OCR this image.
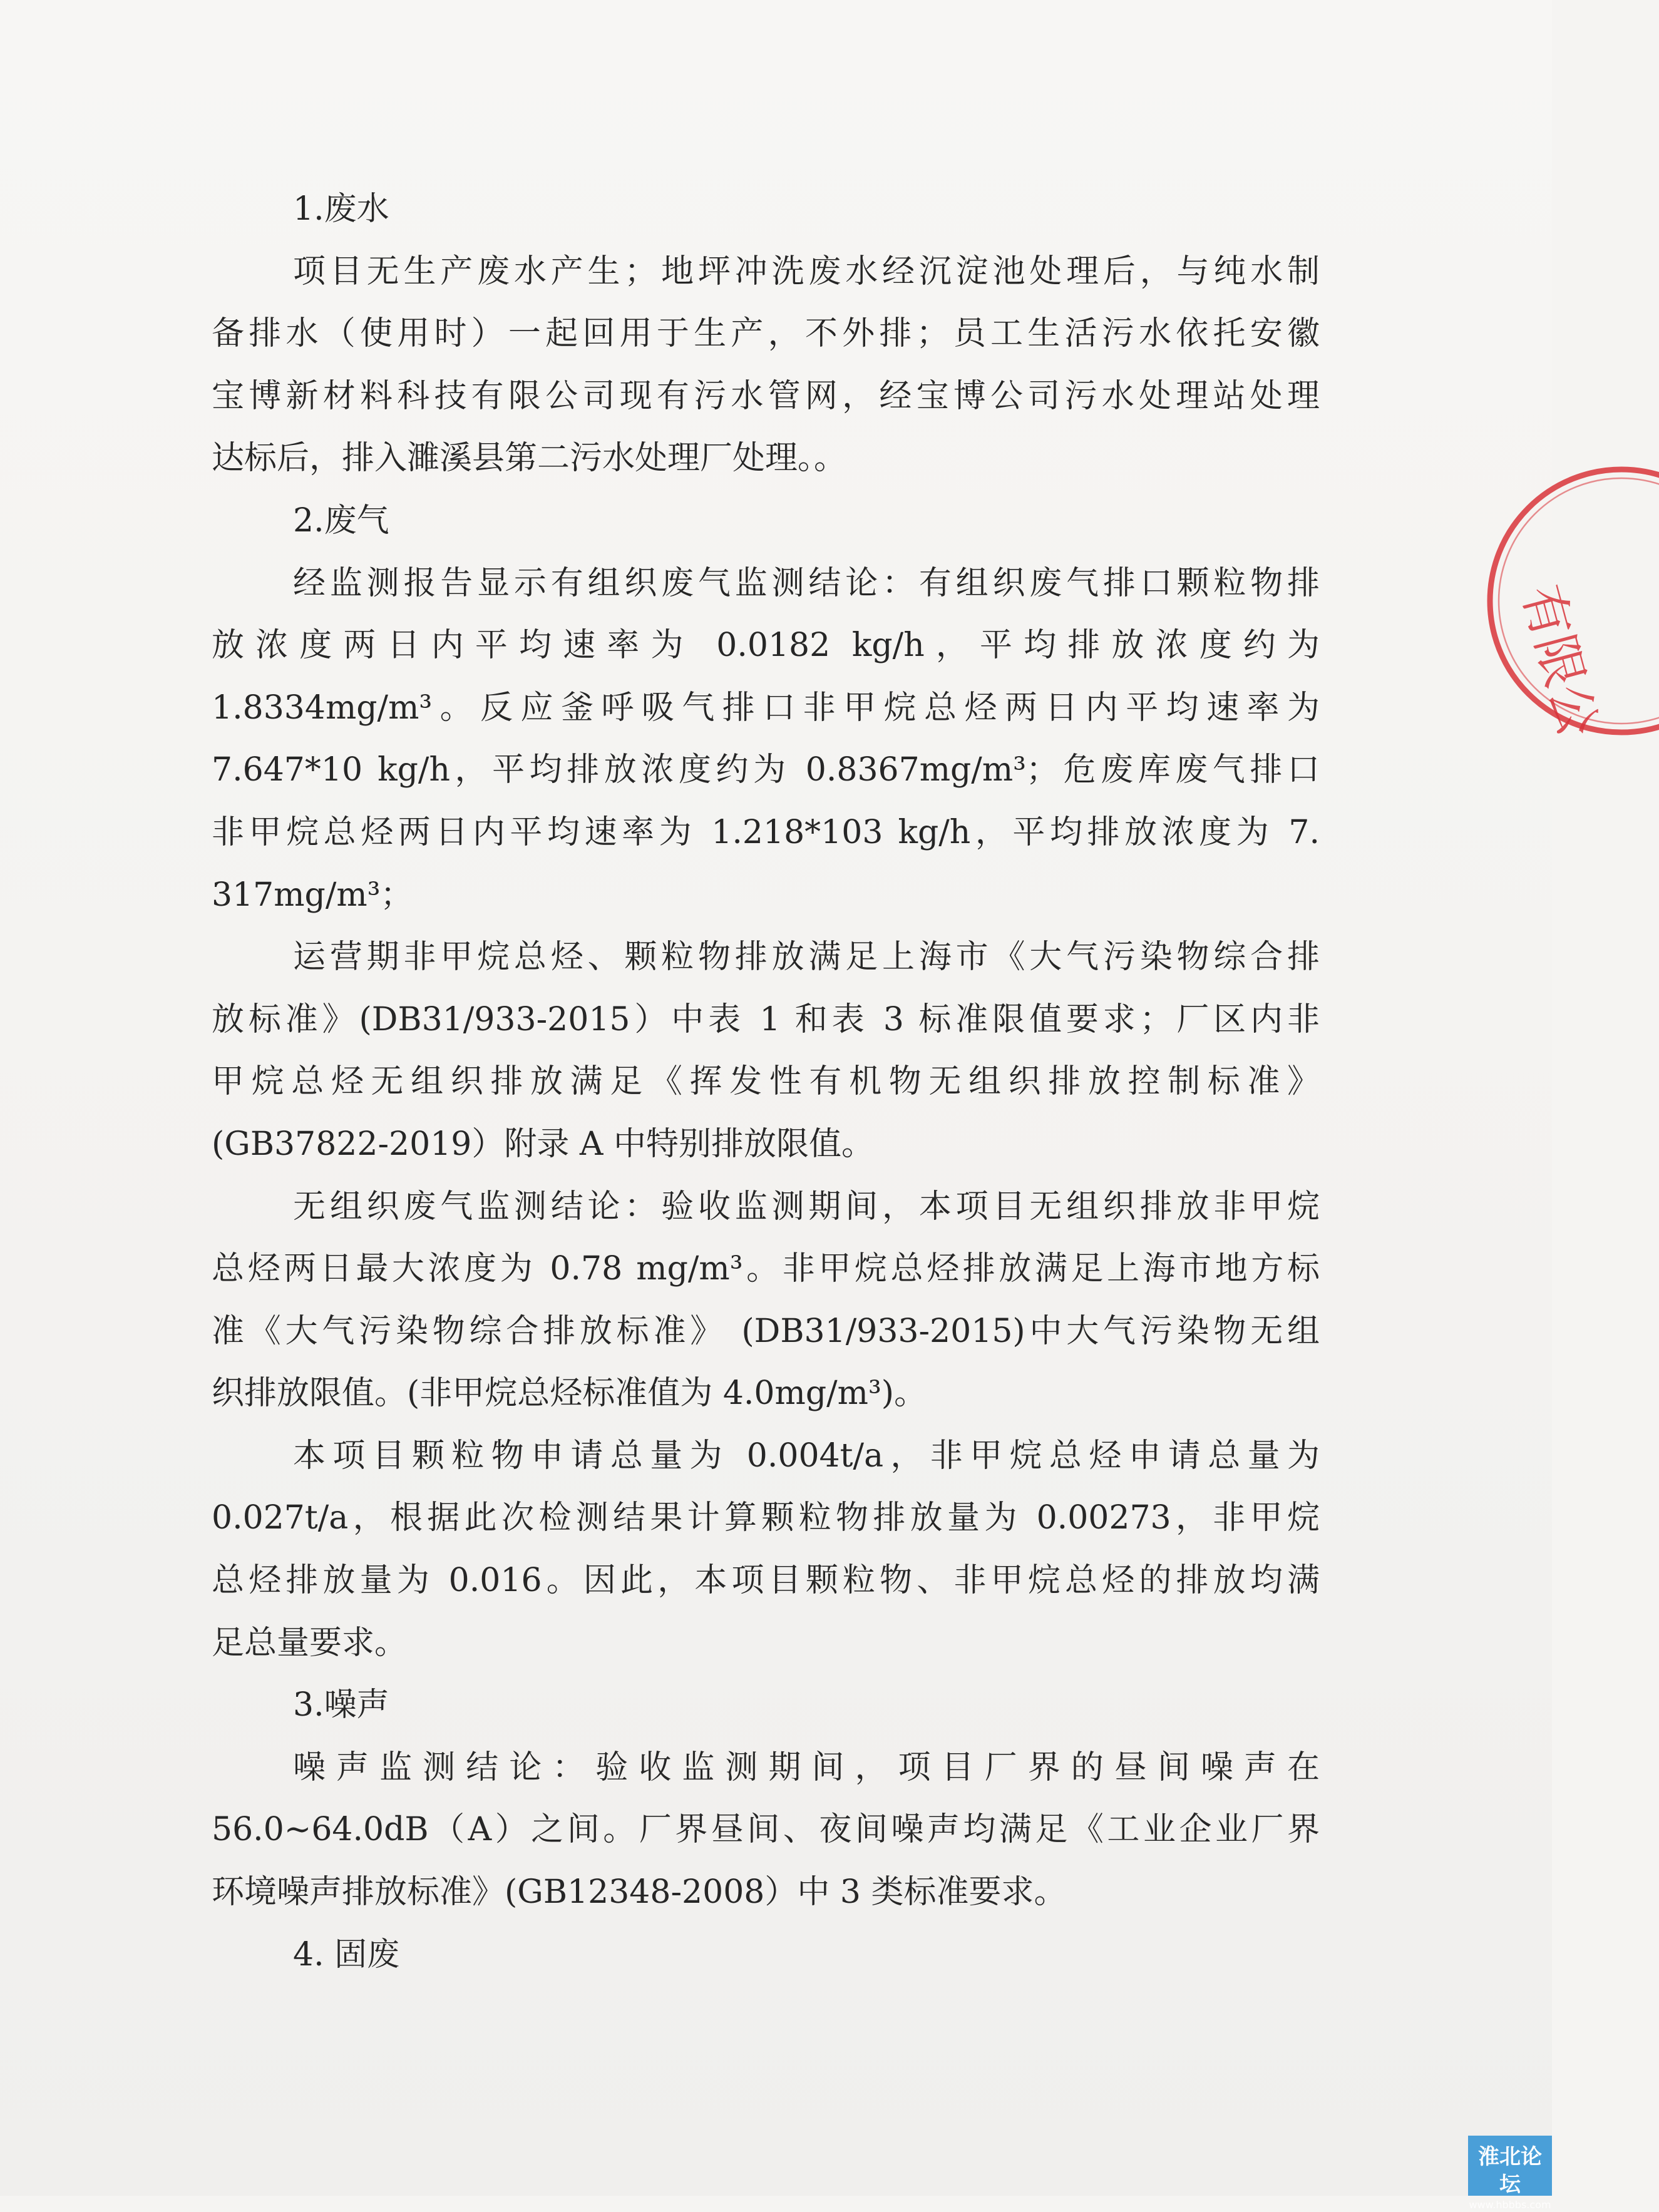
1.废水
项目无生产废水产生；地坪冲洗废水经沉淀池处理后，与纯水制
备排水（使用时）一起回用于生产，不外排；员工生活污水依托安徽
宝博新材料科技有限公司现有污水管网，经宝博公司污水处理站处理
达标后，排入濉溪县第二污水处理厂处理。。
2.废气
经监测报告显示有组织废气监测结论：有组织废气排口颗粒物排
放浓度两日内平均速率为 0.0182 kg/h，平均排放浓度约为
1.8334mg/m³。反应釜呼吸气排口非甲烷总烃两日内平均速率为
7.647*10 kg/h，平均排放浓度约为 0.8367mg/m³；危废库废气排口
非甲烷总烃两日内平均速率为 1.218*103 kg/h，平均排放浓度为 7.
317mg/m³；
运营期非甲烷总烃、颗粒物排放满足上海市《大气污染物综合排
放标准》(DB31/933-2015）中表 1 和表 3 标准限值要求；厂区内非
甲烷总烃无组织排放满足《挥发性有机物无组织排放控制标准》
(GB37822-2019）附录 A 中特别排放限值。
无组织废气监测结论：验收监测期间，本项目无组织排放非甲烷
总烃两日最大浓度为 0.78 mg/m³。非甲烷总烃排放满足上海市地方标
准《大气污染物综合排放标准》 (DB31/933-2015)中大气污染物无组
织排放限值。(非甲烷总烃标准值为 4.0mg/m³)。
本项目颗粒物申请总量为 0.004t/a，非甲烷总烃申请总量为
0.027t/a，根据此次检测结果计算颗粒物排放量为 0.00273，非甲烷
总烃排放量为 0.016。因此，本项目颗粒物、非甲烷总烃的排放均满
足总量要求。
3.噪声
噪声监测结论：验收监测期间，项目厂界的昼间噪声在
56.0~64.0dB（A）之间。厂界昼间、夜间噪声均满足《工业企业厂界
环境噪声排放标准》(GB12348-2008）中 3 类标准要求。
4. 固废
有限公
淮北论坛
www.hbbbs.com
